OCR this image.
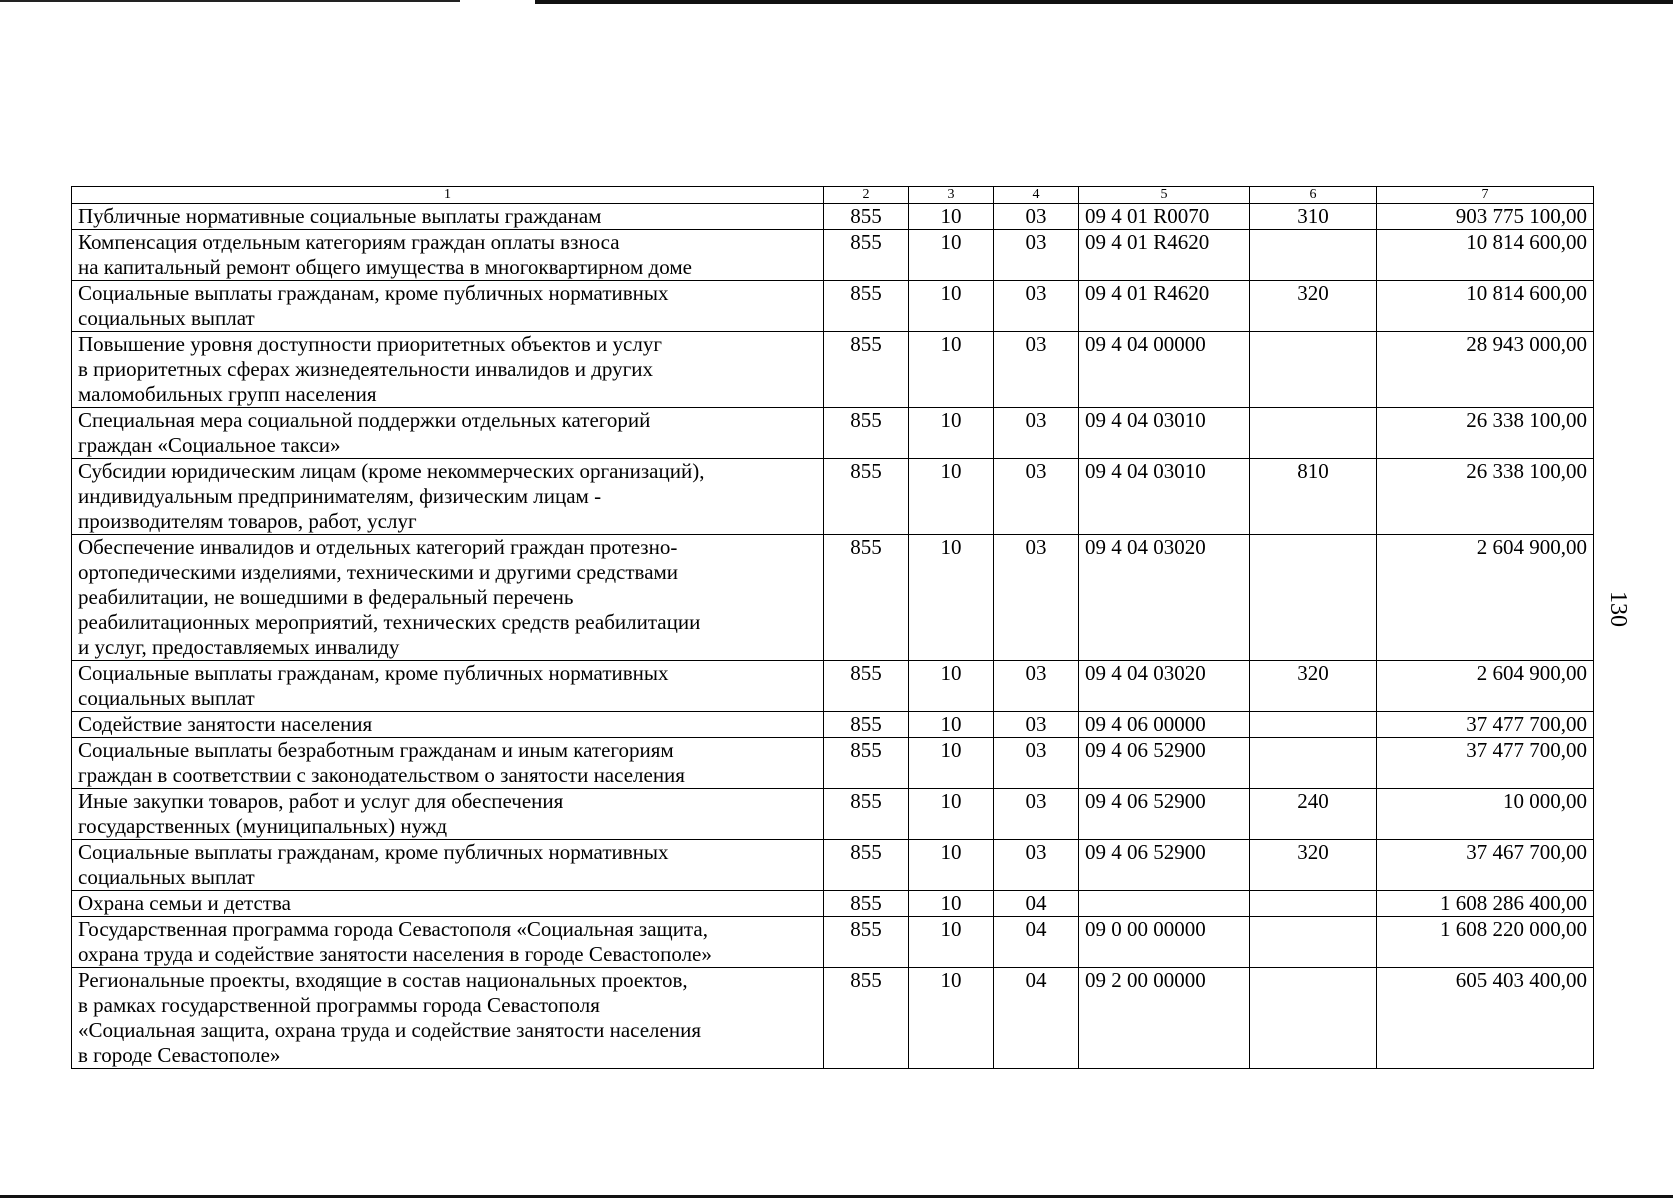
1	2	3	4	5	6	7

Публичные нормативные социальные выплаты гражданам	855	10	03	09 4 01 R0070	310	903 775 100,00

Компенсация отдельным категориям граждан оплаты взноса
на капитальный ремонт общего имущества в многоквартирном доме	855	10	03	09 4 01 R4620		10 814 600,00

Социальные выплаты гражданам, кроме публичных нормативных
социальных выплат	855	10	03	09 4 01 R4620	320	10 814 600,00

Повышение уровня доступности приоритетных объектов и услуг
в приоритетных сферах жизнедеятельности инвалидов и других
маломобильных групп населения	855	10	03	09 4 04 00000		28 943 000,00

Специальная мера социальной поддержки отдельных категорий
граждан «Социальное такси»	855	10	03	09 4 04 03010		26 338 100,00

Субсидии юридическим лицам (кроме некоммерческих организаций),
индивидуальным предпринимателям, физическим лицам -
производителям товаров, работ, услуг	855	10	03	09 4 04 03010	810	26 338 100,00

Обеспечение инвалидов и отдельных категорий граждан протезно-
ортопедическими изделиями, техническими и другими средствами
реабилитации, не вошедшими в федеральный перечень
реабилитационных мероприятий, технических средств реабилитации
и услуг, предоставляемых инвалиду	855	10	03	09 4 04 03020		2 604 900,00

Социальные выплаты гражданам, кроме публичных нормативных
социальных выплат	855	10	03	09 4 04 03020	320	2 604 900,00

Содействие занятости населения	855	10	03	09 4 06 00000		37 477 700,00

Социальные выплаты безработным гражданам и иным категориям
граждан в соответствии с законодательством о занятости населения	855	10	03	09 4 06 52900		37 477 700,00

Иные закупки товаров, работ и услуг для обеспечения
государственных (муниципальных) нужд	855	10	03	09 4 06 52900	240	10 000,00

Социальные выплаты гражданам, кроме публичных нормативных
социальных выплат	855	10	03	09 4 06 52900	320	37 467 700,00

Охрана семьи и детства	855	10	04			1 608 286 400,00

Государственная программа города Севастополя «Социальная защита,
охрана труда и содействие занятости населения в городе Севастополе»	855	10	04	09 0 00 00000		1 608 220 000,00

Региональные проекты, входящие в состав национальных проектов,
в рамках государственной программы города Севастополя
«Социальная защита, охрана труда и содействие занятости населения
в городе Севастополе»	855	10	04	09 2 00 00000		605 403 400,00
130
